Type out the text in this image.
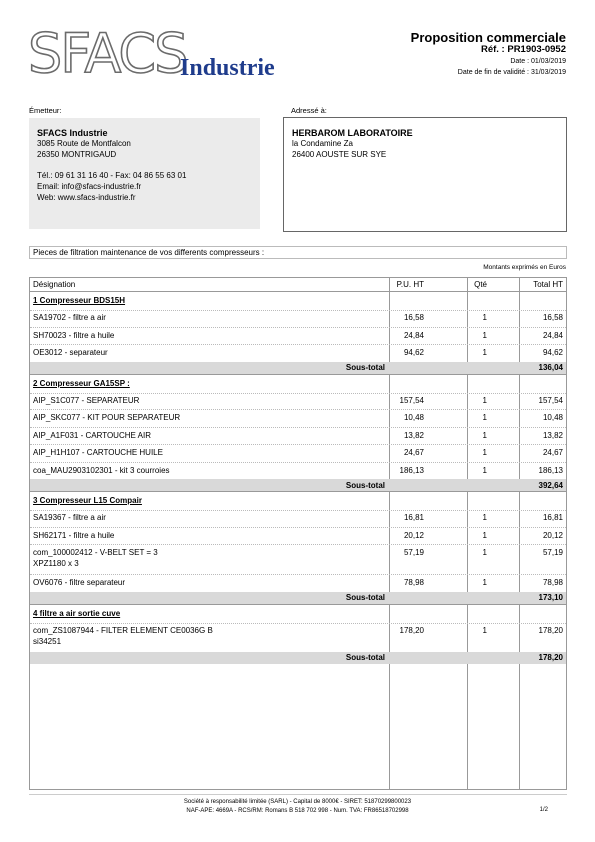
SFACS
Industrie
Proposition commerciale
Réf. : PR1903-0952
Date : 01/03/2019
Date de fin de validité : 31/03/2019
Émetteur:
SFACS Industrie
3085 Route de Montfalcon
26350 MONTRIGAUD
Tél.: 09 61 31 16 40 - Fax: 04 86 55 63 01
Email: info@sfacs-industrie.fr
Web: www.sfacs-industrie.fr
Adressé à:
HERBAROM LABORATOIRE
la Condamine Za
26400 AOUSTE SUR SYE
Pieces de filtration maintenance de vos differents compresseurs :
Montants exprimés en Euros
Désignation	P.U. HT	Qté	Total HT
1 Compresseur BDS15H
SA19702 - filtre a air	16,58	1	16,58
SH70023 - filtre a huile	24,84	1	24,84
OE3012 - separateur	94,62	1	94,62
Sous-total	136,04
2 Compresseur GA15SP :
AIP_S1C077 - SEPARATEUR	157,54	1	157,54
AIP_SKC077 - KIT POUR SEPARATEUR	10,48	1	10,48
AIP_A1F031 - CARTOUCHE AIR	13,82	1	13,82
AIP_H1H107 - CARTOUCHE HUILE	24,67	1	24,67
coa_MAU2903102301 - kit 3 courroies	186,13	1	186,13
Sous-total	392,64
3 Compresseur L15 Compair
SA19367 - filtre a air	16,81	1	16,81
SH62171 - filtre a huile	20,12	1	20,12
com_100002412 - V-BELT SET = 3
XPZ1180 x 3
57,19	1	57,19
OV6076 - filtre separateur	78,98	1	78,98
Sous-total	173,10
4 filtre a air sortie cuve
com_ZS1087944 - FILTER ELEMENT CE0036G B
si34251
178,20	1	178,20
Sous-total	178,20
Société à responsabilité limitée (SARL) - Capital de 8000€ - SIRET: 51870299800023
NAF-APE: 4669A - RCS/RM: Romans B 518 702 998 - Num. TVA: FR86518702998	1/2
